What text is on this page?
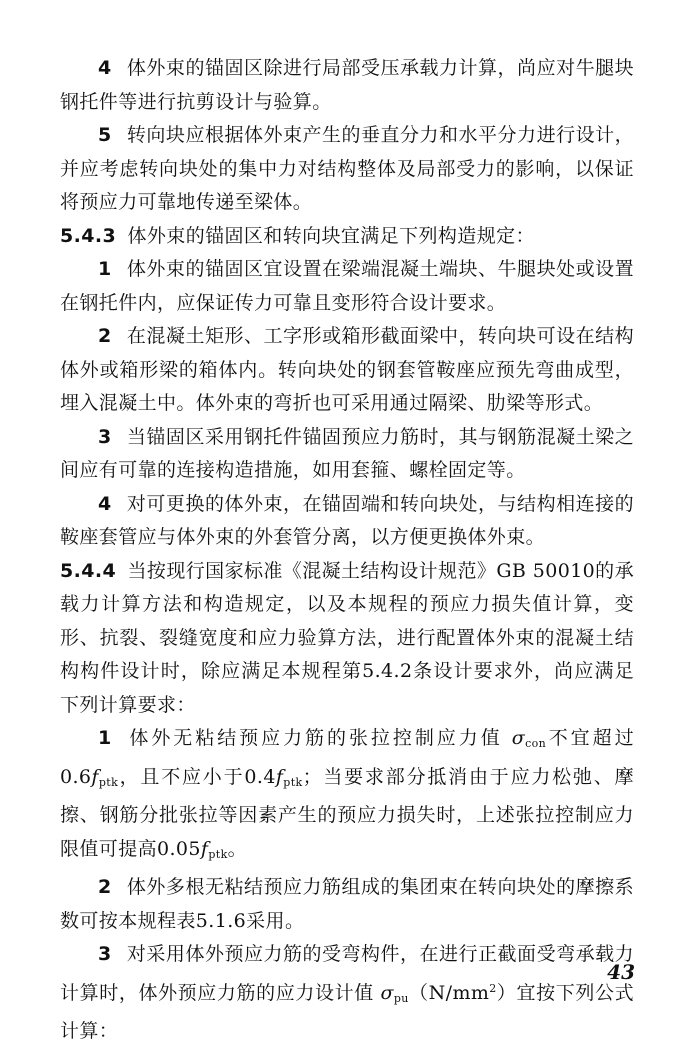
4 体外束的锚固区除进行局部受压承载力计算，尚应对牛腿块钢托件等进行抗剪设计与验算。

5 转向块应根据体外束产生的垂直分力和水平分力进行设计，并应考虑转向块处的集中力对结构整体及局部受力的影响，以保证将预应力可靠地传递至梁体。

5.4.3 体外束的锚固区和转向块宜满足下列构造规定：

1 体外束的锚固区宜设置在梁端混凝土端块、牛腿块处或设置在钢托件内，应保证传力可靠且变形符合设计要求。

2 在混凝土矩形、工字形或箱形截面梁中，转向块可设在结构体外或箱形梁的箱体内。转向块处的钢套管鞍座应预先弯曲成型，埋入混凝土中。体外束的弯折也可采用通过隔梁、肋梁等形式。

3 当锚固区采用钢托件锚固预应力筋时，其与钢筋混凝土梁之间应有可靠的连接构造措施，如用套箍、螺栓固定等。

4 对可更换的体外束，在锚固端和转向块处，与结构相连接的鞍座套管应与体外束的外套管分离，以方便更换体外束。

5.4.4 当按现行国家标准《混凝土结构设计规范》GB 50010的承载力计算方法和构造规定，以及本规程的预应力损失值计算，变形、抗裂、裂缝宽度和应力验算方法，进行配置体外束的混凝土结构构件设计时，除应满足本规程第5.4.2条设计要求外，尚应满足下列计算要求：

1 体外无粘结预应力筋的张拉控制应力值 $\sigma_{con}$不宜超过$0.6f_{ptk}$，且不应小于$0.4f_{ptk}$；当要求部分抵消由于应力松弛、摩擦、钢筋分批张拉等因素产生的预应力损失时，上述张拉控制应力限值可提高$0.05f_{ptk}$。

2 体外多根无粘结预应力筋组成的集团束在转向块处的摩擦系数可按本规程表5.1.6采用。

3 对采用体外预应力筋的受弯构件，在进行正截面受弯承载力计算时，体外预应力筋的应力设计值 $\sigma_{pu}(N/mm^2)$宜按下列公式计算：

43
